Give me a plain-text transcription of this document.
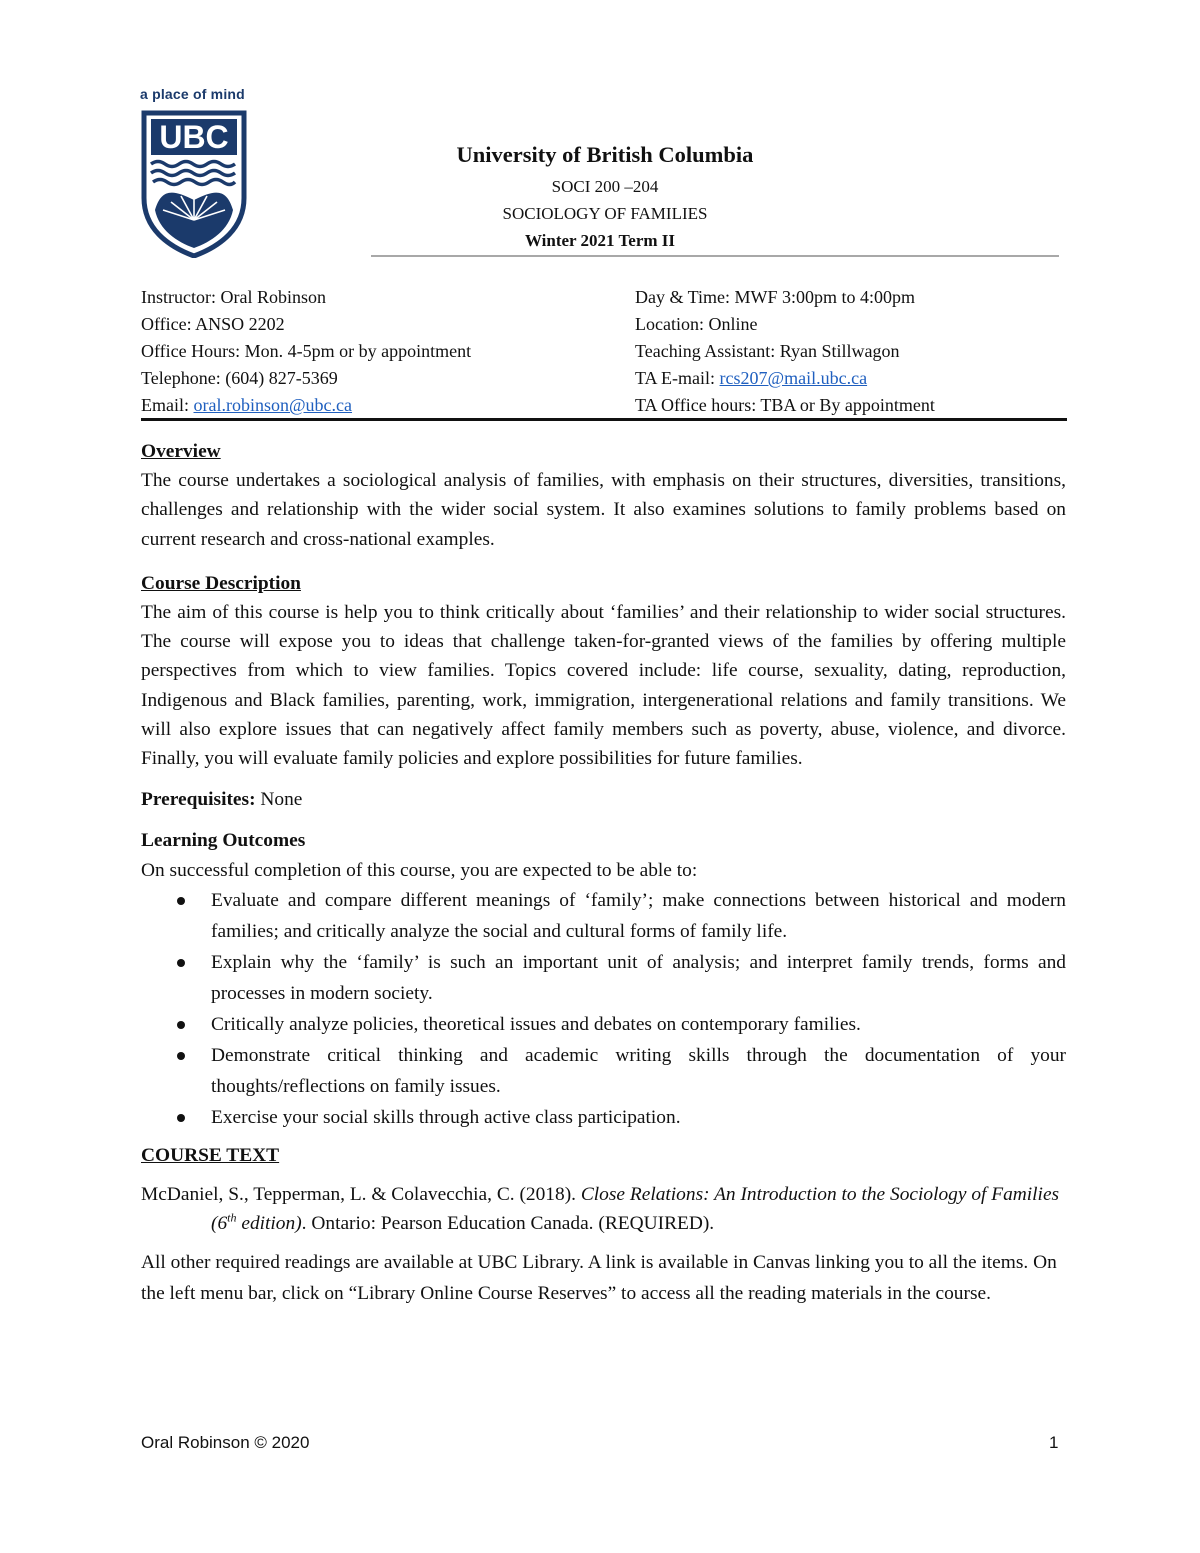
a place of mind
UBC	University of British Columbia
SOCI 200 –204
SOCIOLOGY OF FAMILIES
Winter 2021 Term II
Instructor: Oral Robinson
Office: ANSO 2202
Office Hours: Mon. 4-5pm or by appointment
Telephone: (604) 827-5369
Email: oral.robinson@ubc.ca
Day & Time: MWF 3:00pm to 4:00pm
Location: Online
Teaching Assistant: Ryan Stillwagon
TA E-mail: rcs207@mail.ubc.ca
TA Office hours: TBA or By appointment
Overview

The course undertakes a sociological analysis of families, with emphasis on their structures, diversities, transitions, challenges and relationship with the wider social system. It also examines solutions to family problems based on current research and cross-national examples.

Course Description

The aim of this course is help you to think critically about ‘families’ and their relationship to wider social structures. The course will expose you to ideas that challenge taken-for-granted views of the families by offering multiple perspectives from which to view families. Topics covered include: life course, sexuality, dating, reproduction, Indigenous and Black families, parenting, work, immigration, intergenerational relations and family transitions. We will also explore issues that can negatively affect family members such as poverty, abuse, violence, and divorce. Finally, you will evaluate family policies and explore possibilities for future families.

Prerequisites: None

Learning Outcomes

On successful completion of this course, you are expected to be able to:

Evaluate and compare different meanings of ‘family’; make connections between historical and modern families; and critically analyze the social and cultural forms of family life.
Explain why the ‘family’ is such an important unit of analysis; and interpret family trends, forms and processes in modern society.
Critically analyze policies, theoretical issues and debates on contemporary families.
Demonstrate critical thinking and academic writing skills through the documentation of your thoughts/reflections on family issues.
Exercise your social skills through active class participation.
COURSE TEXT

McDaniel, S., Tepperman, L. & Colavecchia, C. (2018). Close Relations: An Introduction to the Sociology of Families (6th edition). Ontario: Pearson Education Canada. (REQUIRED).

All other required readings are available at UBC Library. A link is available in Canvas linking you to all the items. On the left menu bar, click on “Library Online Course Reserves” to access all the reading materials in the course.

Oral Robinson © 2020	1
